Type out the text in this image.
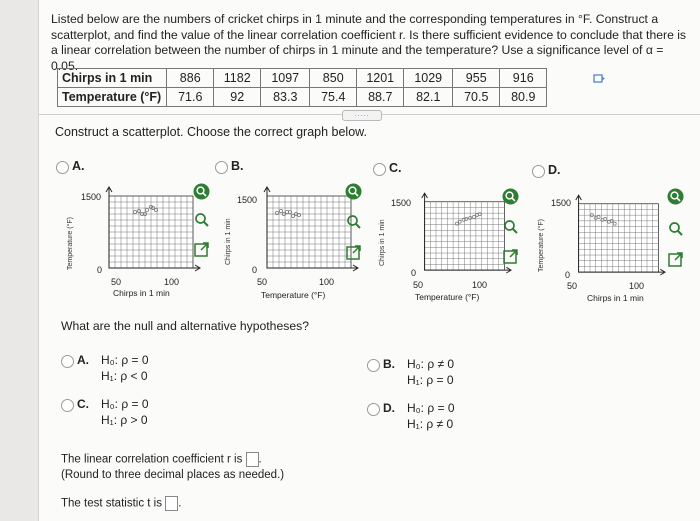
Listed below are the numbers of cricket chirps in 1 minute and the corresponding temperatures in °F. Construct a scatterplot, and find the value of the linear correlation coefficient r. Is there sufficient evidence to conclude that there is a linear correlation between the number of chirps in 1 minute and the temperature? Use a significance level of α = 0.05.
Chirps in 1 min	886	1182	1097	850	1201	1029	955	916
Temperature (°F)	71.6	92	83.3	75.4	88.7	82.1	70.5	80.9
.....
Construct a scatterplot. Choose the correct graph below.
A.
Temperature (°F)
1500
0
50	100
Chirps in 1 min
B.
Chirps in 1 min
1500
0
50	100
Temperature (°F)
C.
Chirps in 1 min
1500
0
50	100
Temperature (°F)
D.
Temperature (°F)
1500
0
50	100
Chirps in 1 min
What are the null and alternative hypotheses?
A. H₀: ρ = 0
H₁: ρ < 0
B. H₀: ρ ≠ 0
H₁: ρ = 0
C. H₀: ρ = 0
H₁: ρ > 0
D. H₀: ρ = 0
H₁: ρ ≠ 0
The linear correlation coefficient r is .
(Round to three decimal places as needed.)
The test statistic t is .
